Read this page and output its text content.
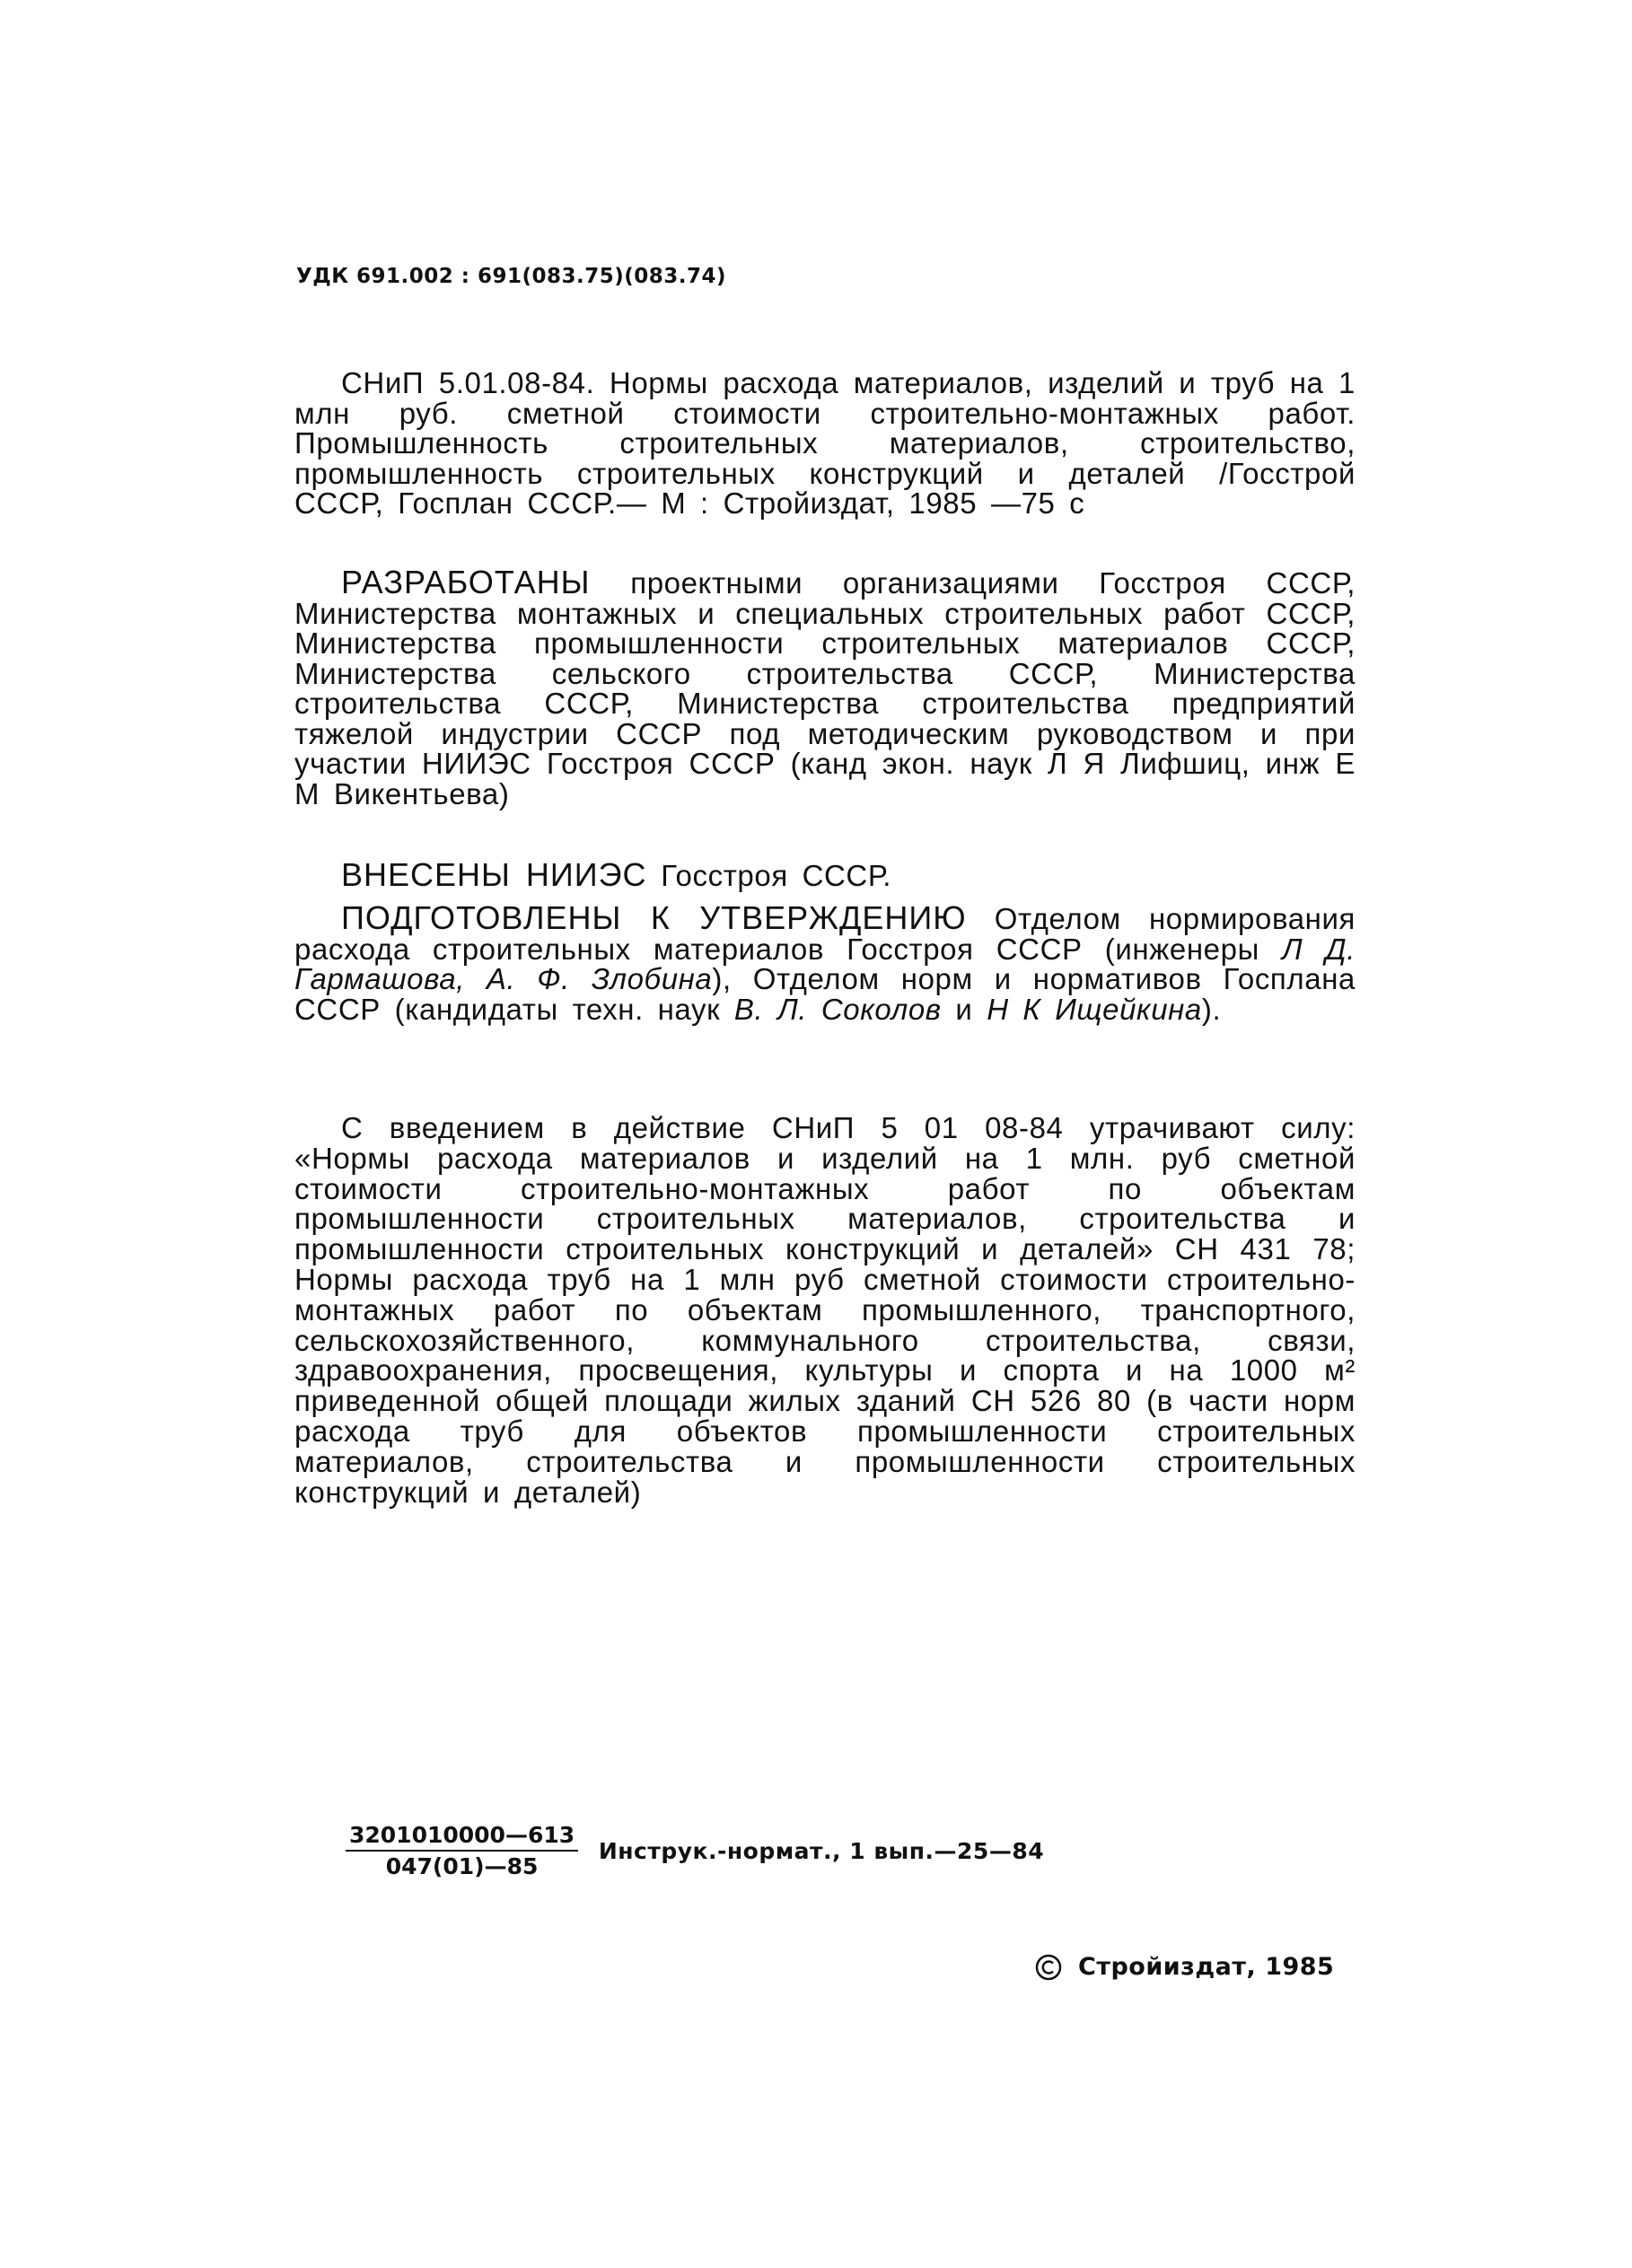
УДК 691.002 : 691(083.75)(083.74)
СНиП 5.01.08-84. Нормы расхода материалов, изделий и труб на 1 млн руб. сметной стоимости строительно-монтажных работ. Промышленность строительных материалов, строительство, промышленность строительных конструкций и деталей /Госстрой СССР, Госплан СССР.— М : Стройиздат, 1985 —75 с
РАЗРАБОТАНЫ проектными организациями Госстроя СССР, Министерства монтажных и специальных строительных работ СССР, Министерства промышленности строительных материалов СССР, Министерства сельского строительства СССР, Министерства строительства СССР, Министерства строительства предприятий тяжелой индустрии СССР под методическим руководством и при участии НИИЭС Госстроя СССР (канд экон. наук Л Я Лифшиц, инж Е М Викентьева)
ВНЕСЕНЫ НИИЭС Госстроя СССР.
ПОДГОТОВЛЕНЫ К УТВЕРЖДЕНИЮ Отделом нормирования расхода строительных материалов Госстроя СССР (инженеры Л Д. Гармашова, А. Ф. Злобина), Отделом норм и нормативов Госплана СССР (кандидаты техн. наук В. Л. Соколов и Н К Ищейкина).
С введением в действие СНиП 5 01 08-84 утрачивают силу: «Нормы расхода материалов и изделий на 1 млн. руб сметной стоимости строительно-монтажных работ по объектам промышленности строительных материалов, строительства и промышленности строительных конструкций и деталей» СН 431 78; Нормы расхода труб на 1 млн руб сметной стоимости строительно-монтажных работ по объектам промышленного, транспортного, сельскохозяйственного, коммунального строительства, связи, здравоохранения, просвещения, культуры и спорта и на 1000 м² приведенной общей площади жилых зданий СН 526 80 (в части норм расхода труб для объектов промышленности строительных материалов, строительства и промышленности строительных конструкций и деталей)
$\frac{3201010000—613}{047(01)—85}$ Инструк.-нормат., 1 вып.—25—84
Стройиздат, 1985
